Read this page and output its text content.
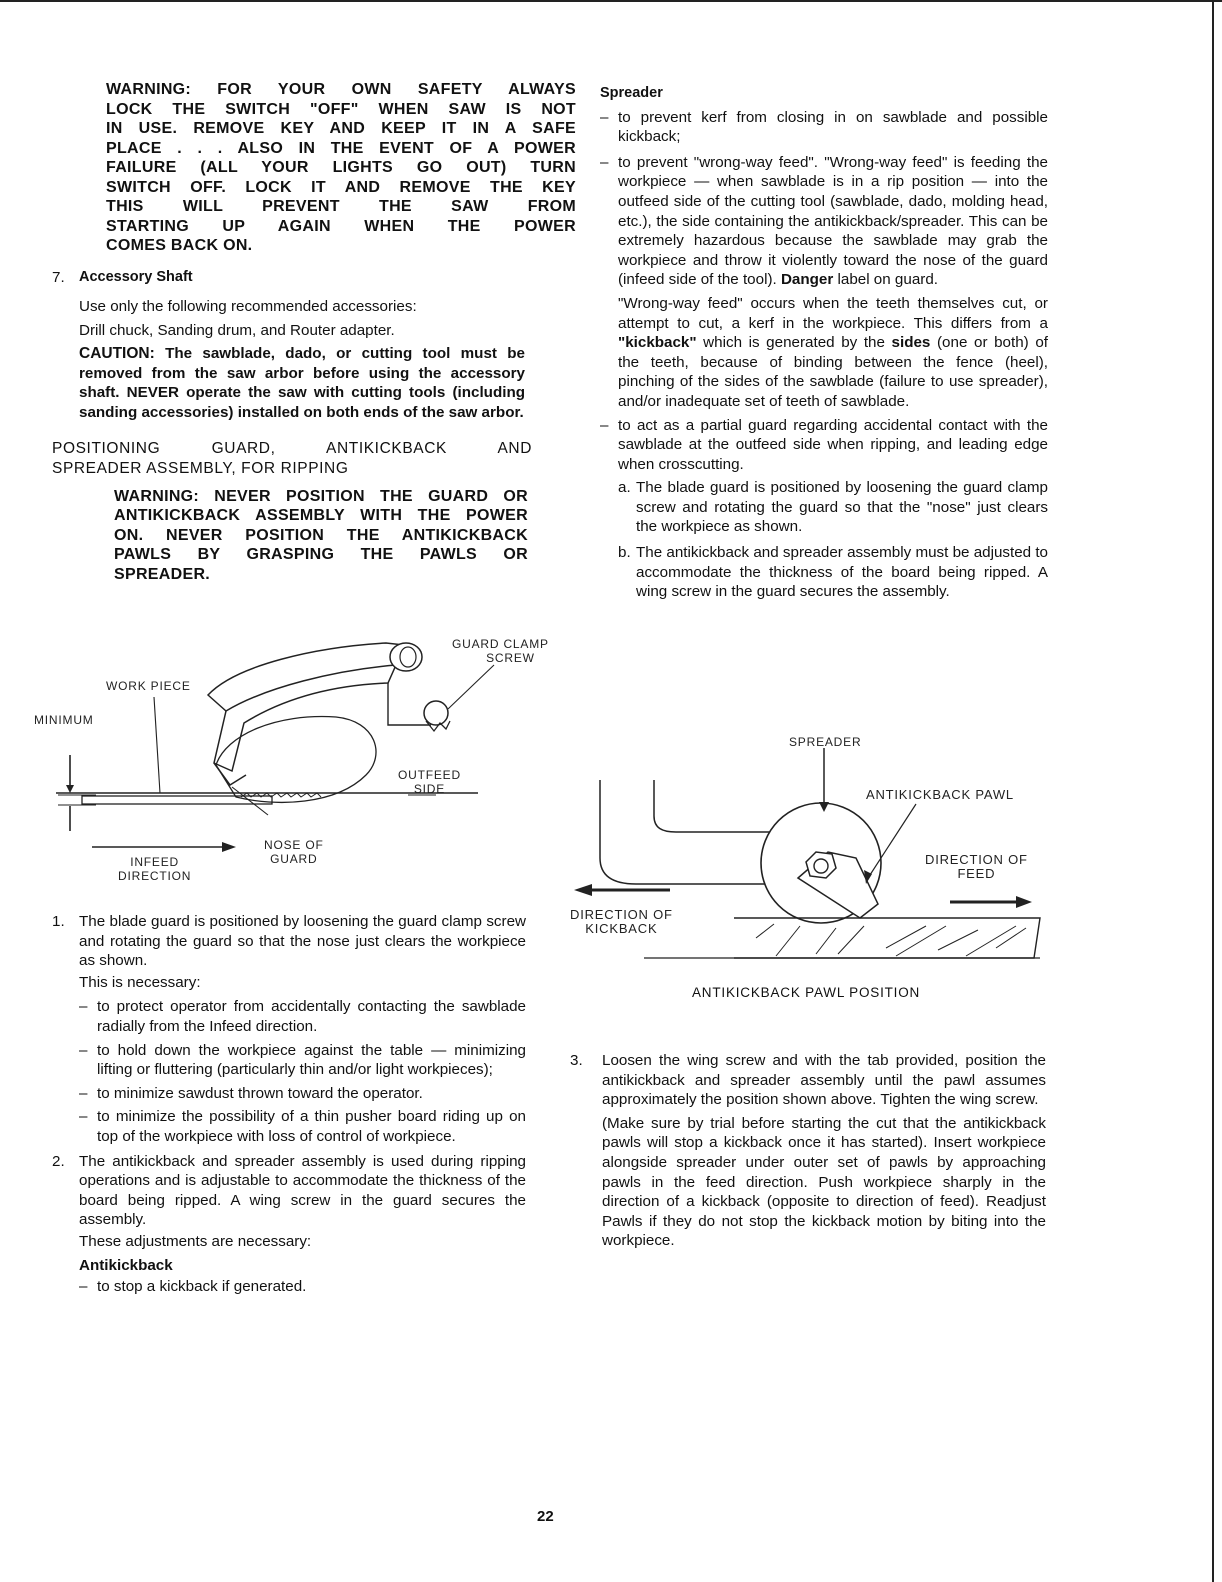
WARNING: FOR YOUR OWN SAFETY ALWAYS
LOCK THE SWITCH "OFF" WHEN SAW IS NOT
IN USE. REMOVE KEY AND KEEP IT IN A SAFE
PLACE . . . ALSO IN THE EVENT OF A POWER
FAILURE (ALL YOUR LIGHTS GO OUT) TURN
SWITCH OFF. LOCK IT AND REMOVE THE KEY
THIS WILL PREVENT THE SAW FROM
STARTING UP AGAIN WHEN THE POWER
COMES BACK ON.
7. Accessory Shaft

Use only the following recommended accessories:

Drill chuck, Sanding drum, and Router adapter.

CAUTION: The sawblade, dado, or cutting tool must be removed from the saw arbor before using the accessory shaft. NEVER operate the saw with cutting tools (including sanding accessories) installed on both ends of the saw arbor.

POSITIONING GUARD, ANTIKICKBACK AND
SPREADER ASSEMBLY, FOR RIPPING
WARNING: NEVER POSITION THE GUARD OR
ANTIKICKBACK ASSEMBLY WITH THE POWER
ON. NEVER POSITION THE ANTIKICKBACK
PAWLS BY GRASPING THE PAWLS OR
SPREADER.
GUARD CLAMP
SCREW
WORK PIECE
MINIMUM
OUTFEED
SIDE
NOSE OF
GUARD
INFEED
DIRECTION
1. The blade guard is positioned by loosening the guard clamp screw and rotating the guard so that the nose just clears the workpiece as shown.

This is necessary:

– to protect operator from accidentally contacting the sawblade radially from the Infeed direction.
– to hold down the workpiece against the table — minimizing lifting or fluttering (particularly thin and/or light workpieces);
– to minimize sawdust thrown toward the operator.
– to minimize the possibility of a thin pusher board riding up on top of the workpiece with loss of control of workpiece.
2. The antikickback and spreader assembly is used during ripping operations and is adjustable to accommodate the thickness of the board being ripped. A wing screw in the guard secures the assembly.

These adjustments are necessary:

Antikickback

– to stop a kickback if generated.

Spreader

– to prevent kerf from closing in on sawblade and possible kickback;
– to prevent "wrong-way feed". "Wrong-way feed" is feeding the workpiece — when sawblade is in a rip position — into the outfeed side of the cutting tool (sawblade, dado, molding head, etc.), the side containing the antikickback/spreader. This can be extremely hazardous because the sawblade may grab the workpiece and throw it violently toward the nose of the guard (infeed side of the tool). Danger label on guard.

"Wrong-way feed" occurs when the teeth themselves cut, or attempt to cut, a kerf in the workpiece. This differs from a "kickback" which is generated by the sides (one or both) of the teeth, because of binding between the fence (heel), pinching of the sides of the sawblade (failure to use spreader), and/or inadequate set of teeth of sawblade.

– to act as a partial guard regarding accidental contact with the sawblade at the outfeed side when ripping, and leading edge when crosscutting.
a. The blade guard is positioned by loosening the guard clamp screw and rotating the guard so that the "nose" just clears the workpiece as shown.
b. The antikickback and spreader assembly must be adjusted to accommodate the thickness of the board being ripped. A wing screw in the guard secures the assembly.
SPREADER
ANTIKICKBACK PAWL
DIRECTION OF
FEED
DIRECTION OF
KICKBACK
ANTIKICKBACK PAWL POSITION
3. Loosen the wing screw and with the tab provided, position the antikickback and spreader assembly until the pawl assumes approximately the position shown above. Tighten the wing screw.

(Make sure by trial before starting the cut that the antikickback pawls will stop a kickback once it has started). Insert workpiece alongside spreader under outer set of pawls by approaching pawls in the feed direction. Push workpiece sharply in the direction of a kickback (opposite to direction of feed). Readjust Pawls if they do not stop the kickback motion by biting into the workpiece.

22
